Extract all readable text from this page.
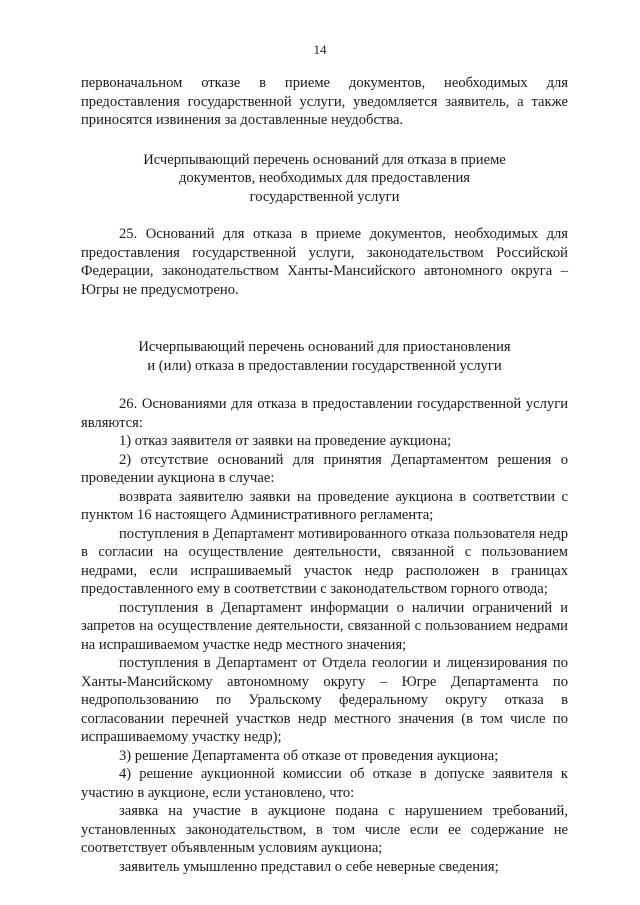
14

первоначальном отказе в приеме документов, необходимых для предоставления государственной услуги, уведомляется заявитель, а также приносятся извинения за доставленные неудобства.

Исчерпывающий перечень оснований для отказа в приеме

документов, необходимых для предоставления

государственной услуги

25. Оснований для отказа в приеме документов, необходимых для предоставления государственной услуги, законодательством Российской Федерации, законодательством Ханты-Мансийского автономного округа – Югры не предусмотрено.

Исчерпывающий перечень оснований для приостановления

и (или) отказа в предоставлении государственной услуги

26. Основаниями для отказа в предоставлении государственной услуги являются:

1) отказ заявителя от заявки на проведение аукциона;

2) отсутствие оснований для принятия Департаментом решения о проведении аукциона в случае:

возврата заявителю заявки на проведение аукциона в соответствии с пунктом 16 настоящего Административного регламента;

поступления в Департамент мотивированного отказа пользователя недр в согласии на осуществление деятельности, связанной с пользованием недрами, если испрашиваемый участок недр расположен в границах предоставленного ему в соответствии с законодательством горного отвода;

поступления в Департамент информации о наличии ограничений и запретов на осуществление деятельности, связанной с пользованием недрами на испрашиваемом участке недр местного значения;

поступления в Департамент от Отдела геологии и лицензирования по Ханты-Мансийскому автономному округу – Югре Департамента по недропользованию по Уральскому федеральному округу отказа в согласовании перечней участков недр местного значения (в том числе по испрашиваемому участку недр);

3) решение Департамента об отказе от проведения аукциона;

4) решение аукционной комиссии об отказе в допуске заявителя к участию в аукционе, если установлено, что:

заявка на участие в аукционе подана с нарушением требований, установленных законодательством, в том числе если ее содержание не соответствует объявленным условиям аукциона;

заявитель умышленно представил о себе неверные сведения;
